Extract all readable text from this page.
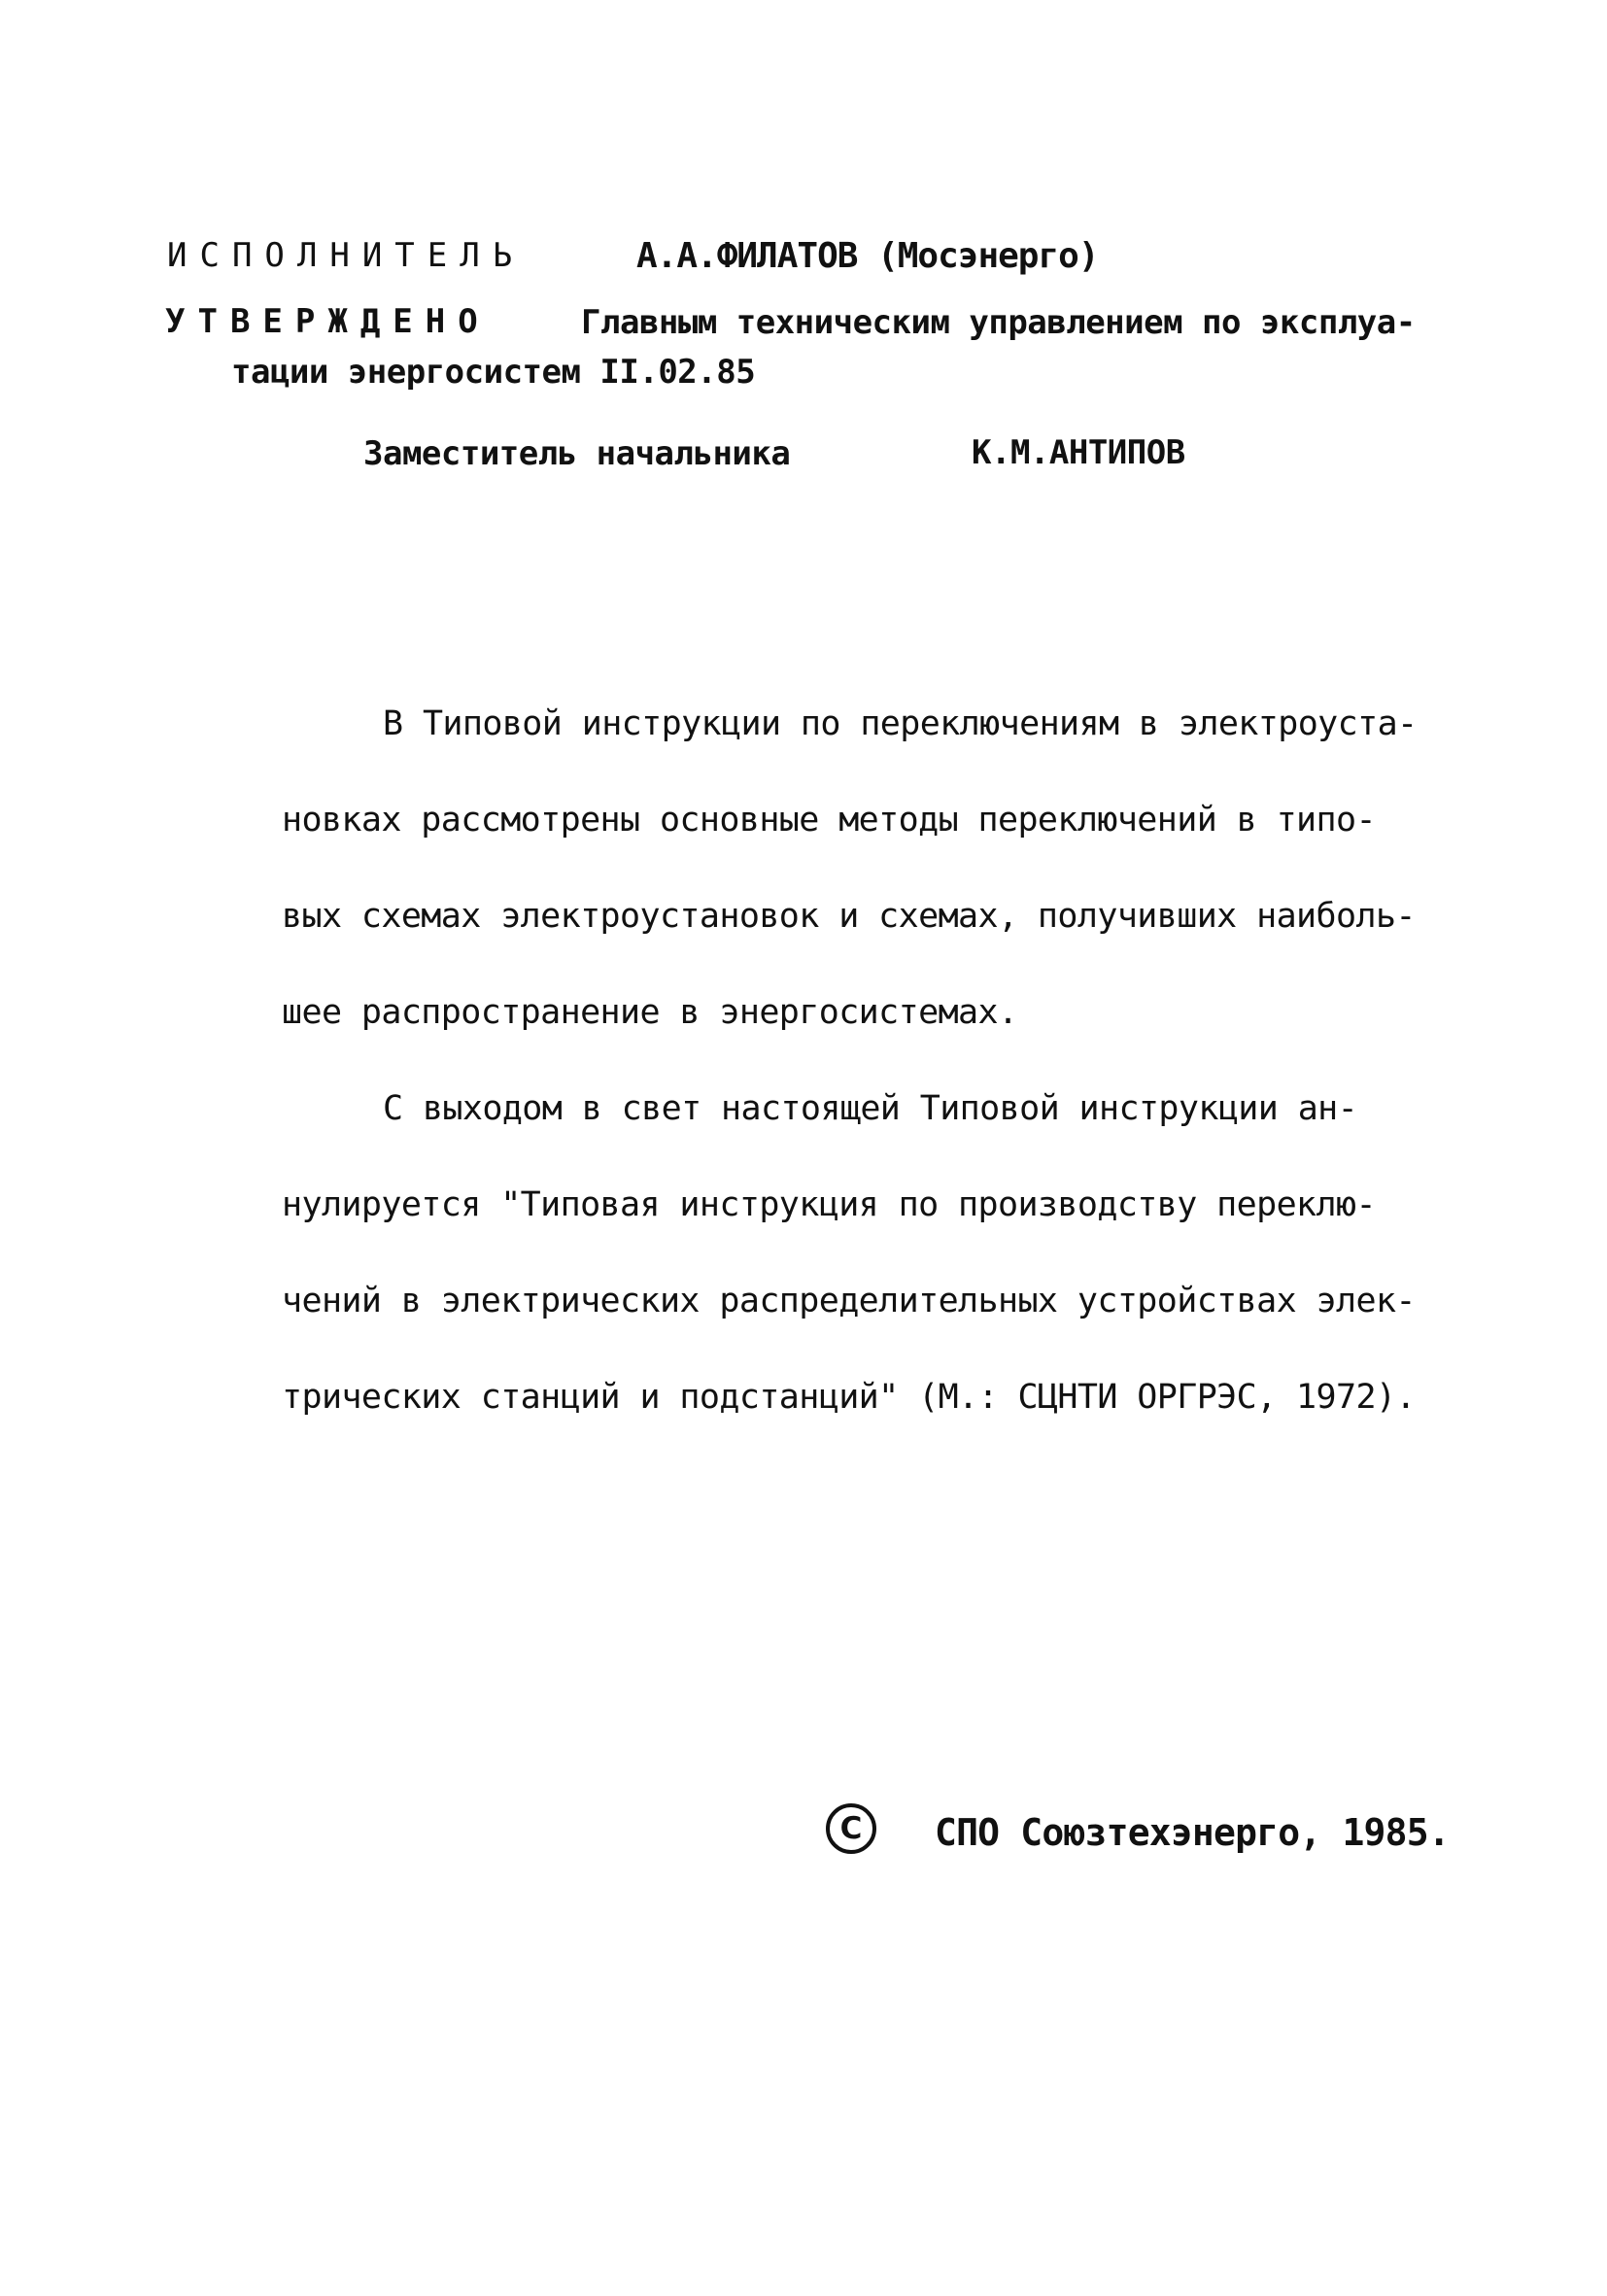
ИСПОЛНИТЕЛЬ	А.А.ФИЛАТОВ (Мосэнерго)
УТВЕРЖДЕНО	Главным техническим управлением по эксплуа-
тации энергосистем II.02.85
Заместитель начальника	К.М.АНТИПОВ

В Типовой инструкции по переключениям в электроуста-

новках рассмотрены основные методы переключений в типо-

вых схемах электроустановок и схемах, получивших наиболь-

шее распространение в энергосистемах.

С выходом в свет настоящей Типовой инструкции ан-

нулируется "Типовая инструкция по производству переклю-

чений в электрических распределительных устройствах элек-

трических станций и подстанций" (М.: СЦНТИ ОРГРЭС, 1972).

C	СПО Союзтехэнерго, 1985.
